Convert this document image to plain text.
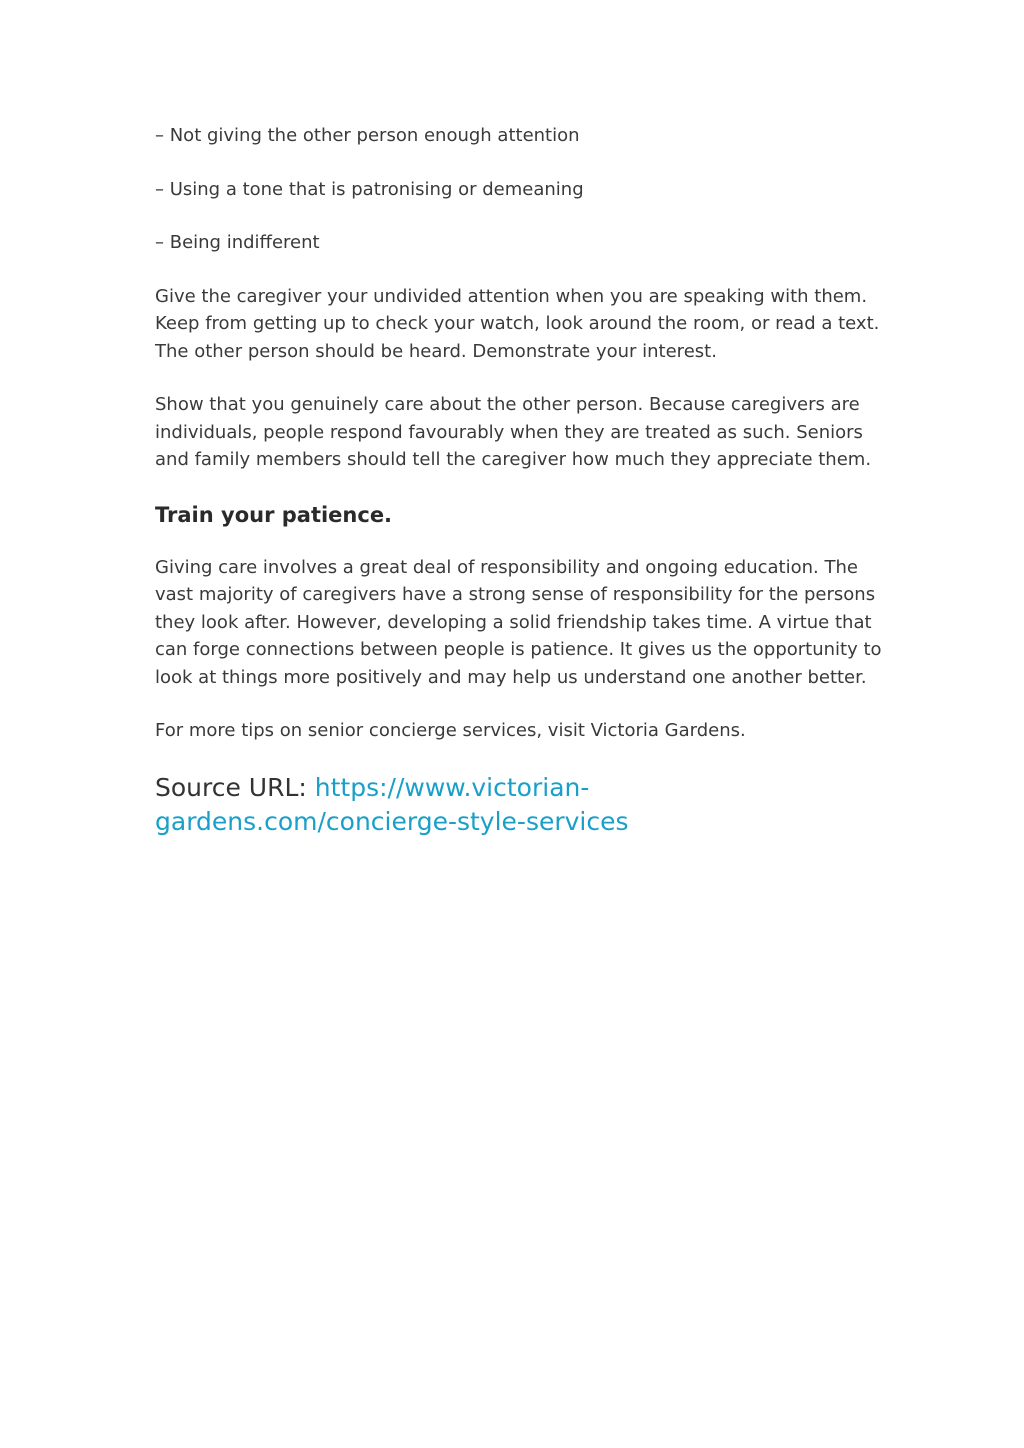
– Not giving the other person enough attention

– Using a tone that is patronising or demeaning

– Being indifferent

Give the caregiver your undivided attention when you are speaking with them. Keep from getting up to check your watch, look around the room, or read a text. The other person should be heard. Demonstrate your interest.

Show that you genuinely care about the other person. Because caregivers are individuals, people respond favourably when they are treated as such. Seniors and family members should tell the caregiver how much they appreciate them.

Train your patience.

Giving care involves a great deal of responsibility and ongoing education. The vast majority of caregivers have a strong sense of responsibility for the persons they look after. However, developing a solid friendship takes time. A virtue that can forge connections between people is patience. It gives us the opportunity to look at things more positively and may help us understand one another better.

For more tips on senior concierge services, visit Victoria Gardens.

Source URL: https://www.victorian-gardens.com/concierge-style-services
